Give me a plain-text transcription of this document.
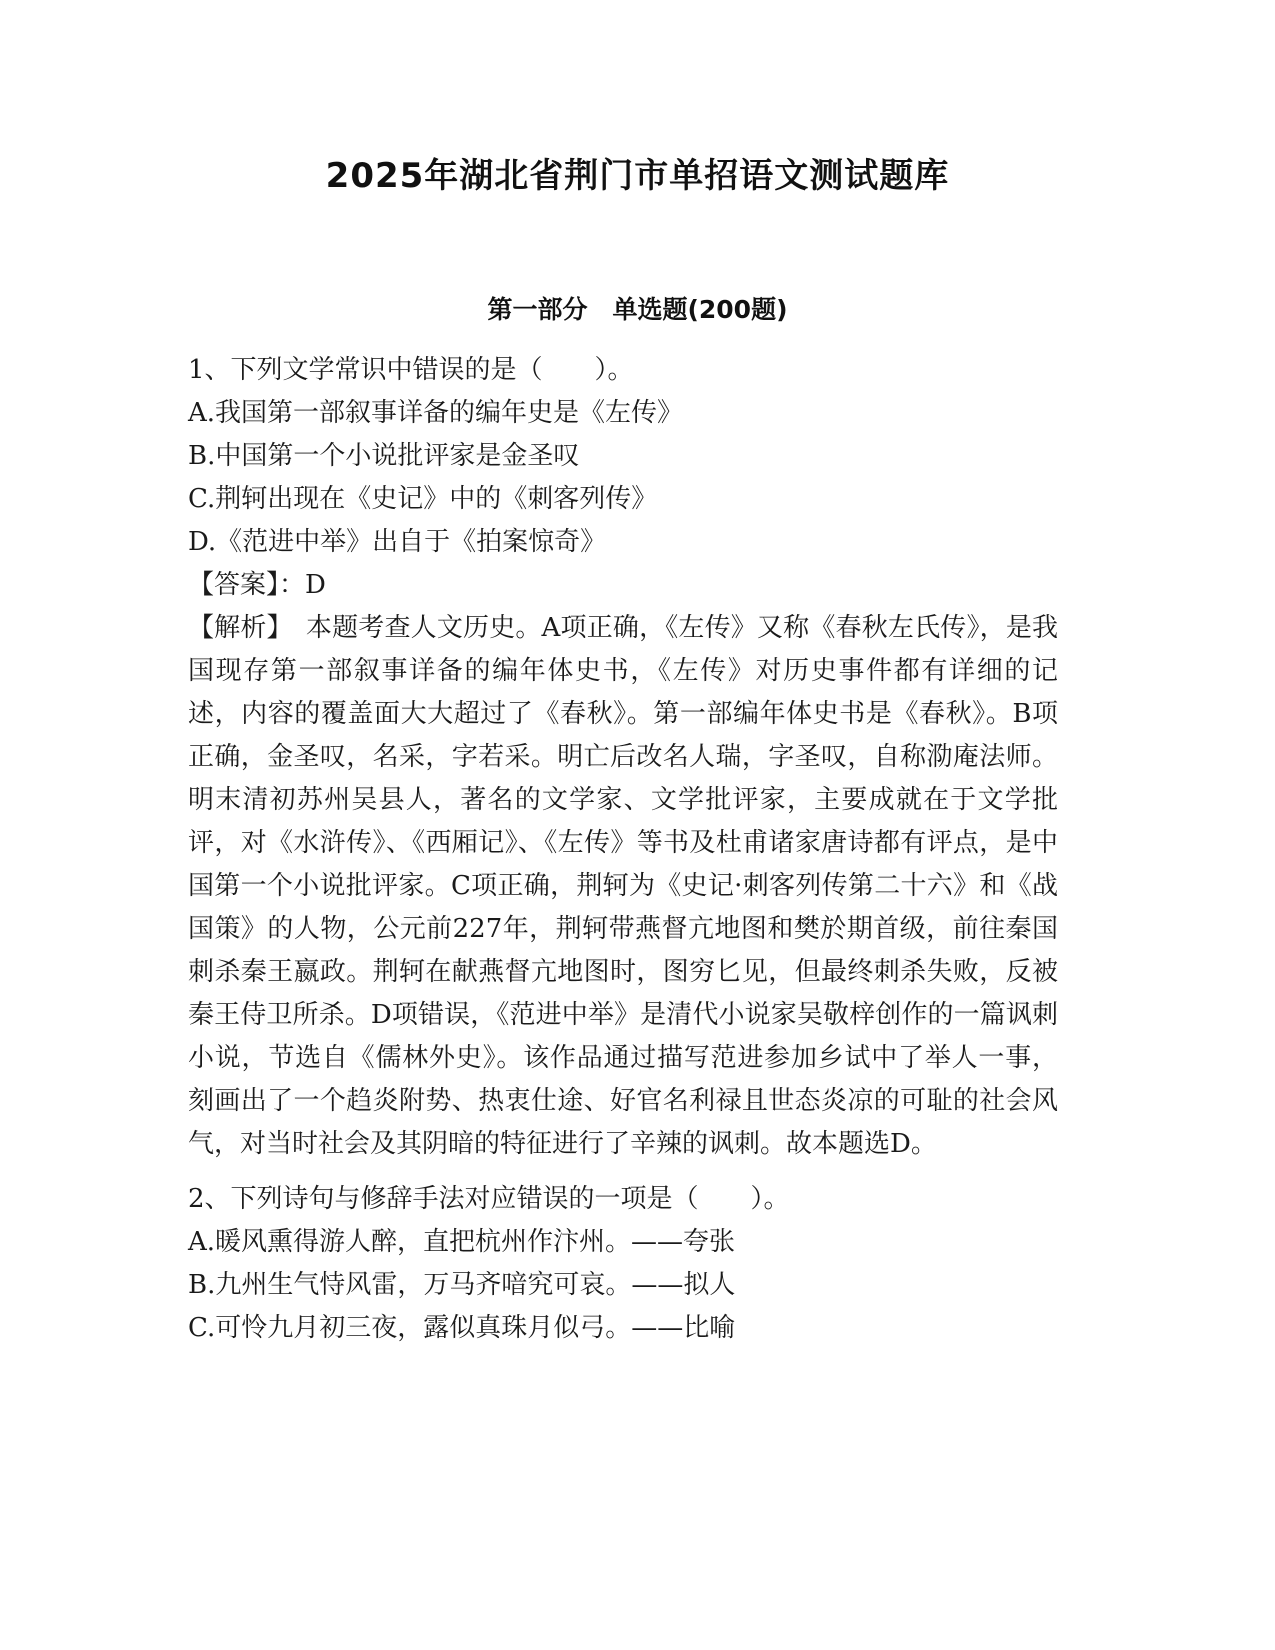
2025年湖北省荆门市单招语文测试题库
第一部分　单选题(200题)
1、下列文学常识中错误的是（　　）。
A.我国第一部叙事详备的编年史是《左传》
B.中国第一个小说批评家是金圣叹
C.荆轲出现在《史记》中的《刺客列传》
D.《范进中举》出自于《拍案惊奇》
【答案】：D
【解析】　本题考查人文历史。A项正确，《左传》又称《春秋左氏传》，是我国现存第一部叙事详备的编年体史书，《左传》对历史事件都有详细的记述，内容的覆盖面大大超过了《春秋》。第一部编年体史书是《春秋》。B项正确，金圣叹，名采，字若采。明亡后改名人瑞，字圣叹，自称泐庵法师。明末清初苏州吴县人，著名的文学家、文学批评家，主要成就在于文学批评，对《水浒传》、《西厢记》、《左传》等书及杜甫诸家唐诗都有评点，是中国第一个小说批评家。C项正确，荆轲为《史记·刺客列传第二十六》和《战国策》的人物，公元前227年，荆轲带燕督亢地图和樊於期首级，前往秦国刺杀秦王嬴政。荆轲在献燕督亢地图时，图穷匕见，但最终刺杀失败，反被秦王侍卫所杀。D项错误，《范进中举》是清代小说家吴敬梓创作的一篇讽刺小说，节选自《儒林外史》。该作品通过描写范进参加乡试中了举人一事，刻画出了一个趋炎附势、热衷仕途、好官名利禄且世态炎凉的可耻的社会风气，对当时社会及其阴暗的特征进行了辛辣的讽刺。故本题选D。
2、下列诗句与修辞手法对应错误的一项是（　　）。
A.暖风熏得游人醉，直把杭州作汴州。——夸张
B.九州生气恃风雷，万马齐喑究可哀。——拟人
C.可怜九月初三夜，露似真珠月似弓。——比喻
